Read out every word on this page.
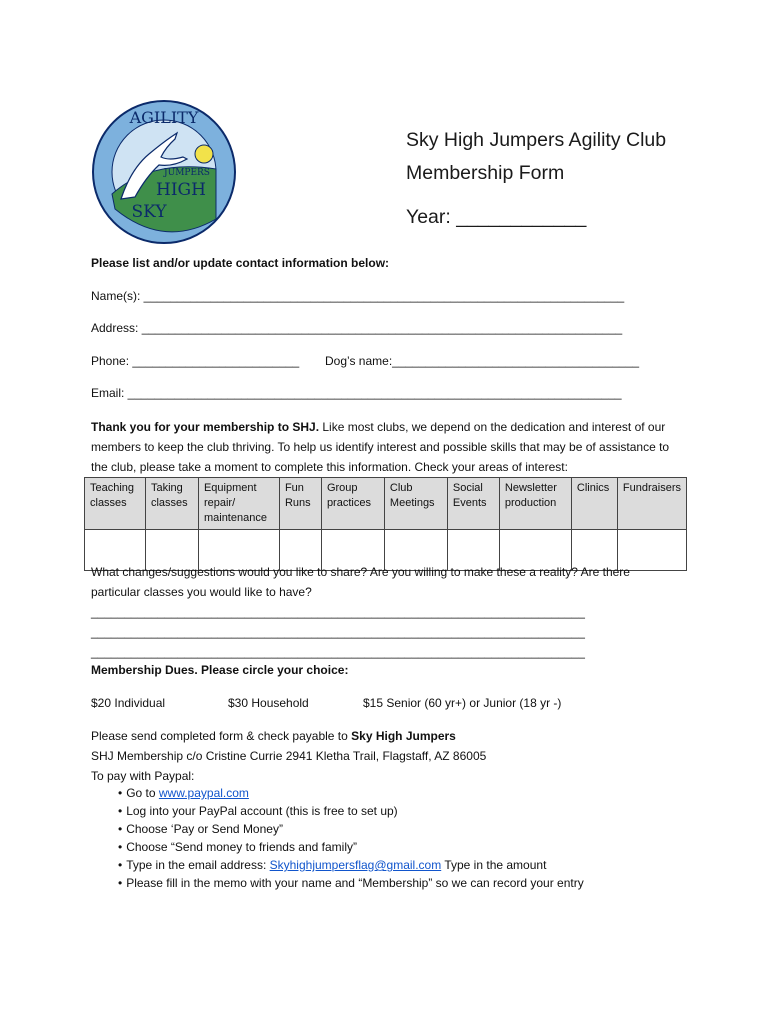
AGILITY
JUMPERS
HIGH
SKY
Sky High Jumpers Agility Club
Membership Form
Year: ____________
Please list and/or update contact information below:
Name(s): ________________________________________________________________________
Address: ________________________________________________________________________
Phone: _________________________ Dog’s name:_____________________________________
Email: __________________________________________________________________________
Thank you for your membership to SHJ. Like most clubs, we depend on the dedication and interest of our members to keep the club thriving. To help us identify interest and possible skills that may be of assistance to the club, please take a moment to complete this information. Check your areas of interest:
Teaching
classes	Taking
classes	Equipment
repair/
maintenance	Fun
Runs	Group
practices	Club
Meetings	Social
Events	Newsletter
production	Clinics	Fundraisers

What changes/suggestions would you like to share? Are you willing to make these a reality? Are there particular classes you would like to have?
__________________________________________________________________________
__________________________________________________________________________
__________________________________________________________________________
Membership Dues. Please circle your choice:
$20 Individual	$30 Household	$15 Senior (60 yr+) or Junior (18 yr -)
Please send completed form & check payable to Sky High Jumpers
SHJ Membership c/o Cristine Currie 2941 Kletha Trail, Flagstaff, AZ 86005
To pay with Paypal:
• Go to www.paypal.com
• Log into your PayPal account (this is free to set up)
• Choose ‘Pay or Send Money”
• Choose “Send money to friends and family”
• Type in the email address: Skyhighjumpersflag@gmail.com Type in the amount
• Please fill in the memo with your name and “Membership” so we can record your entry
